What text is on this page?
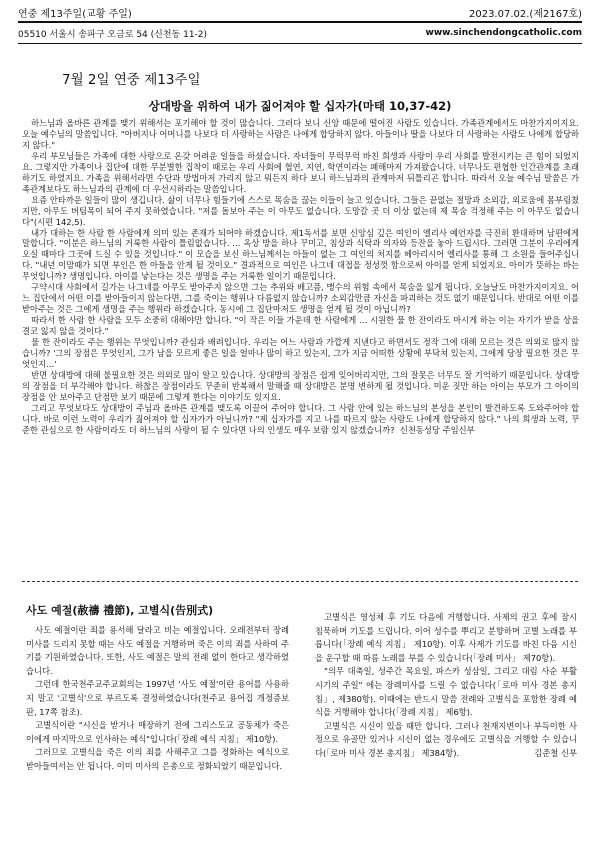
연중 제13주일(교황 주일)	2023.07.02.(제2167호)
05510 서울시 송파구 오금로 54 (신천동 11-2)	www.sinchendongcatholic.com
7월 2일 연중 제13주일
상대방을 위하여 내가 짊어져야 할 십자가(마태 10,37-42)

하느님과 올바른 관계를 맺기 위해서는 포기해야 할 것이 많습니다. 그러다 보니 신앙 때문에 떨어진 사람도 있습니다. 가족관계에서도 마찬가지이지요. 오늘 예수님의 말씀입니다. "아버지나 어머니를 나보다 더 사랑하는 사람은 나에게 합당하지 않다. 아들이나 딸을 나보다 더 사랑하는 사람도 나에게 합당하지 않다."

우리 부모님들은 가족에 대한 사랑으로 온갖 어려운 일들을 하셨습니다. 자녀들이 무럭무럭 바친 희생과 사랑이 우리 사회를 발전시키는 큰 힘이 되었지요. 그렇지만 가족이나 집단에 대한 무분별한 집착이 때로는 우리 사회에 혈연, 지연, 학연이라는 폐해마저 가져왔습니다. 너무나도 편협한 인간관계를 초래하기도 하였지요. 가족을 위해서라면 수단과 방법마저 가리지 않고 뭐든지 하다 보니 하느님과의 관계마저 뒤틀리곤 합니다. 따라서 오늘 예수님 말씀은 가족관계보다도 하느님과의 관계에 더 우선시하라는 말씀입니다.

요즘 안타까운 일들이 많이 생깁니다. 삶이 너무나 힘들기에 스스로 목숨을 끊는 이들이 늘고 있습니다. 그들은 끝없는 절망과 소외감, 외로움에 몸부림쳤지만, 아무도 버팀목이 되어 주지 못하였습니다. "저를 돌보아 주는 이 아무도 없습니다. 도망갈 곳 더 이상 없는데 제 목숨 걱정해 주는 이 아무도 없습니다"(시편 142,5).

내가 대하는 한 사람 한 사람에게 의미 있는 존재가 되어야 하겠습니다. 제1독서를 보면 신앙심 깊은 여인이 엘리사 예언자를 극진히 환대하며 남편에게 말합니다. "이분은 하느님의 거룩한 사람이 틀림없습니다. … 옥상 방을 하나 꾸미고, 침상과 식탁과 의자와 등잔을 놓아 드립시다. 그러면 그분이 우리에게 오실 때마다 그곳에 드실 수 있을 것입니다." 이 모습을 보신 하느님께서는 아들이 없는 그 여인의 처지를 헤아리시어 엘리사를 통해 그 소원을 들어주십니다. "내년 이맘때가 되면 부인은 한 아들을 안게 될 것이오." 결과적으로 여인은 나그네 대접을 정성껏 함으로써 아이를 얻게 되었지요. 아이가 뜻하는 바는 무엇입니까? 생명입니다. 아이를 낳는다는 것은 생명을 주는 거룩한 일이기 때문입니다.

구약시대 사회에서 길가는 나그네를 아무도 받아주지 않으면 그는 추위와 배고픔, 맹수의 위험 속에서 목숨을 잃게 됩니다. 오늘날도 마찬가지이지요. 어느 집단에서 어떤 이를 받아들이지 않는다면, 그를 죽이는 행위나 다름없지 않습니까? 소외감만큼 자신을 파괴하는 것도 없기 때문입니다. 반대로 어떤 이를 받아주는 것은 그에게 생명을 주는 행위라 하겠습니다. 동시에 그 집단마저도 생명을 얻게 될 것이 아닙니까?

따라서 한 사람 한 사람을 모두 소중히 대해야만 합니다. "이 작은 이들 가운데 한 사람에게 … 시원한 물 한 잔이라도 마시게 하는 이는 자기가 받을 상을 결코 잃지 않을 것이다."

물 한 잔이라도 주는 행위는 무엇입니까? 관심과 배려입니다. 우리는 어느 사람과 가깝게 지낸다고 하면서도 정작 그에 대해 모르는 것은 의외로 많지 않습니까? '그의 장점은 무엇인지, 그가 남을 모르게 좋은 일을 얼마나 많이 하고 있는지, 그가 지금 어떠한 상황에 부닥쳐 있는지, 그에게 당장 필요한 것은 무엇인지…'

반면 상대방에 대해 불필요한 것은 의외로 많이 알고 있습니다. 상대방의 장점은 쉽게 잊어버리지만, 그의 잘못은 너무도 잘 기억하기 때문입니다. 상대방의 장점을 더 부각해야 합니다. 하찮은 장점이라도 꾸준히 반복해서 말해줄 때 상대방은 분명 변하게 될 것입니다. 미운 짓만 하는 아이는 부모가 그 아이의 장점을 안 보아주고 단점만 보기 때문에 그렇게 한다는 이야기도 있지요.

그리고 무엇보다도 상대방이 주님과 올바른 관계를 맺도록 이끌어 주어야 합니다. 그 사람 안에 있는 하느님의 본성을 본인이 발견하도록 도와주어야 합니다. 바로 이런 노력이 우리가 짊어져야 할 십자가가 아닐니까? "제 십자가를 지고 나를 따르지 않는 사람도 나에게 합당하지 않다." 나의 희생과 노력, 꾸준한 관심으로 한 사람이라도 더 하느님의 사랑이 될 수 있다면 나의 인생도 매우 보람 있지 않겠습니까? 신천동성당 주임신부

사도 예절(赦禱 禮節), 고별식(告別式)

사도 예절이란 죄를 용서해 달라고 비는 예절입니다. 오래전부터 장례 미사를 드리지 못할 때는 사도 예절을 거행하며 죽은 이의 죄를 사하여 주기를 기원하였습니다. 또한, 사도 예절은 말의 전례 없이 한다고 생각하였습니다.

그런데 한국천주교주교회의는 1997년 '사도 예절'이란 용어를 사용하지 말고 '고별식'으로 부르도록 결정하였습니다(천주교 용어집 개정증보판, 17쪽 참조).

고별식이란 "시신을 받거나 매장하기 전에 그리스도교 공동체가 죽은 이에게 마지막으로 인사하는 예식"입니다(「장례 예식 지침」 제10항).

그러므로 고별식을 죽은 이의 죄를 사해주고 그를 정화하는 예식으로 받아들여서는 안 됩니다. 이미 미사의 은총으로 정화되었기 때문입니다.

고별식은 영성체 후 기도 다음에 거행합니다. 사제의 권고 후에 잠시 침묵하며 기도를 드립니다. 이어 성수를 뿌리고 분향하며 고별 노래를 부릅니다(「장례 예식 지침」 제10항). 이후 사제가 기도를 바친 다음 시신을 운구할 때 따름 노래를 부를 수 있습니다(「장례 미사」 제70항).

"의무 대축일, 성주간 목요일, 파스카 성삼일, 그리고 대림 사순 부활 시기의 주일" 에는 장례미사를 드릴 수 없습니다(「로마 미사 경본 총지침」, 제380항). 이때에는 반드시 말씀 전례와 고별식을 포함한 장례 예식을 거행해야 합니다(「장례 지침」 제6항).

고별식은 시신이 있을 때만 합니다. 그러나 천재지변이나 부득이한 사정으로 유골만 있거나 시신이 없는 경우에도 고별식을 거행할 수 있습니다(「로마 미사 경본 총지침」 제384항).	김준철 신부
